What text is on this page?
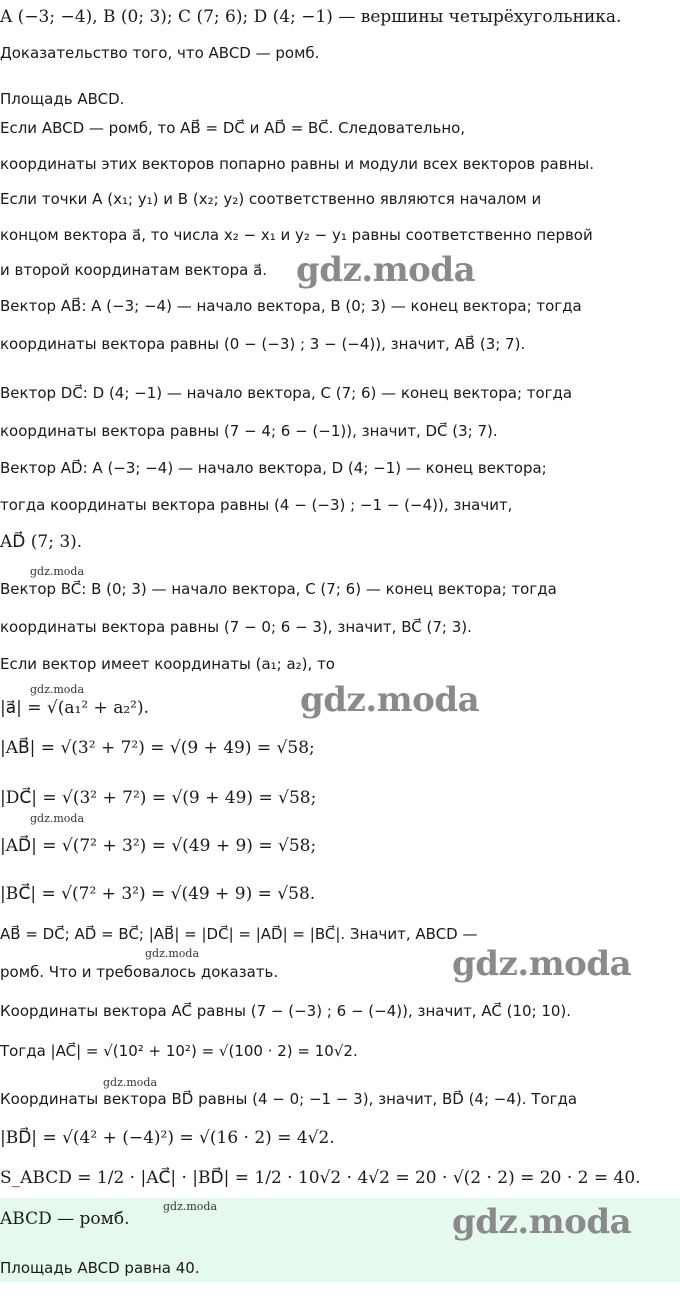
A (−3; −4), B (0; 3); C (7; 6); D (4; −1) — вершины четырёхугольника.
Доказательство того, что ABCD — ромб.
Площадь ABCD.
Если ABCD — ромб, то AB⃗ = DC⃗ и AD⃗ = BC⃗. Следовательно,
координаты этих векторов попарно равны и модули всех векторов равны.
Если точки A (x₁; y₁) и B (x₂; y₂) соответственно являются началом и
концом вектора a⃗, то числа x₂ − x₁ и y₂ − y₁ равны соответственно первой
и второй координатам вектора a⃗.
Вектор AB⃗: A (−3; −4) — начало вектора, B (0; 3) — конец вектора; тогда
координаты вектора равны (0 − (−3) ; 3 − (−4)), значит, AB⃗ (3; 7).
Вектор DC⃗: D (4; −1) — начало вектора, C (7; 6) — конец вектора; тогда
координаты вектора равны (7 − 4; 6 − (−1)), значит, DC⃗ (3; 7).
Вектор AD⃗: A (−3; −4) — начало вектора, D (4; −1) — конец вектора;
тогда координаты вектора равны (4 − (−3) ; −1 − (−4)), значит,
AD⃗ (7; 3).
Вектор BC⃗: B (0; 3) — начало вектора, C (7; 6) — конец вектора; тогда
координаты вектора равны (7 − 0; 6 − 3), значит, BC⃗ (7; 3).
Если вектор имеет координаты (a₁; a₂), то
|a⃗| = √(a₁² + a₂²).
|AB⃗| = √(3² + 7²) = √(9 + 49) = √58;
|DC⃗| = √(3² + 7²) = √(9 + 49) = √58;
|AD⃗| = √(7² + 3²) = √(49 + 9) = √58;
|BC⃗| = √(7² + 3²) = √(49 + 9) = √58.
AB⃗ = DC⃗; AD⃗ = BC⃗; |AB⃗| = |DC⃗| = |AD⃗| = |BC⃗|. Значит, ABCD —
ромб. Что и требовалось доказать.
Координаты вектора AC⃗ равны (7 − (−3) ; 6 − (−4)), значит, AC⃗ (10; 10).
Тогда |AC⃗| = √(10² + 10²) = √(100 · 2) = 10√2.
Координаты вектора BD⃗ равны (4 − 0; −1 − 3), значит, BD⃗ (4; −4). Тогда
|BD⃗| = √(4² + (−4)²) = √(16 · 2) = 4√2.
S_ABCD = 1/2 · |AC⃗| · |BD⃗| = 1/2 · 10√2 · 4√2 = 20 · √(2 · 2) = 20 · 2 = 40.
ABCD — ромб.
Площадь ABCD равна 40.
gdz.moda
gdz.moda
gdz.moda
gdz.moda
gdz.moda
gdz.moda
gdz.moda
gdz.moda
gdz.moda
gdz.moda
